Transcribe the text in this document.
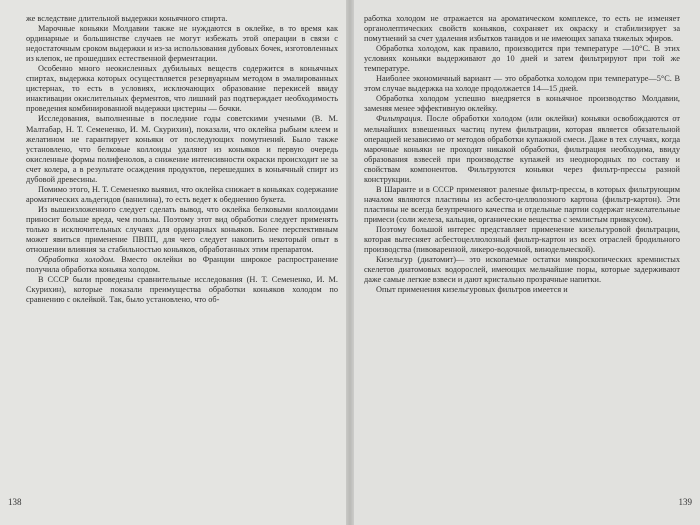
же вследствие длительной выдержки коньячного спирта.

Марочные коньяки Молдавии также не нуждаются в оклейке, в то время как ординарные и большинстве случаев не могут избежать этой операции в связи с недостаточным сроком выдержки и из-за использования дубовых бочек, изготовленных из клепок, не прошедших естественной ферментации.

Особенно много неокисленных дубильных веществ содержится в коньячных спиртах, выдержка которых осуществляется резервуарным методом в эмалированных цистернах, то есть в условиях, исключающих образование перекисей ввиду инактивации окислительных ферментов, что лишний раз подтверждает необходимость проведения комбинированной выдержки цистерны — бочки.

Исследования, выполненные в последние годы советскими учеными (В. М. Малтабар, Н. Т. Семененко, И. М. Скурихин), показали, что оклейка рыбьим клеем и желатином не гарантирует коньяки от последующих помутнений. Было также установлено, что белковые коллоиды удаляют из коньяков и первую очередь окисленные формы полифенолов, а снижение интенсивности окраски происходит не за счет колера, а в результате осаждения продуктов, перешедших в коньячный спирт из дубовой древесины.

Помимо этого, Н. Т. Семененко выявил, что оклейка снижает в коньяках содержание ароматических альдегидов (ванилина), то есть ведет к обеднению букета.

Из вышеизложенного следует сделать вывод, что оклейка белковыми коллоидами приносит больше вреда, чем пользы. Поэтому этот вид обработки следует применять только в исключительных случаях для ординарных коньяков. Более перспективным может явиться применение ПВПП, для чего следует накопить некоторый опыт в отношении влияния за стабильностью коньяков, обработанных этим препаратом.

Обработка холодом. Вместо оклейки во Франции широкое распространение получила обработка коньяка холодом.

В СССР были проведены сравнительные исследования (Н. Т. Семененко, И. М. Скурихин), которые показали преимущества обработки коньяков холодом по сравнению с оклейкой. Так, было установлено, что об-

138

работка холодом не отражается на ароматическом комплексе, то есть не изменяет органолептических свойств коньяков, сохраняет их окраску и стабилизирует за помутнений за счет удаления избытков танидов и не имеющих запаха тяжелых эфиров.

Обработка холодом, как правило, производится при температуре —10°С. В этих условиях коньяки выдерживают до 10 дней и затем фильтрируют при той же температуре.

Наиболее экономичный вариант — это обработка холодом при температуре—5°С. В этом случае выдержка на холоде продолжается 14—15 дней.

Обработка холодом успешно внедряется в коньячное производство Молдавии, заменяя менее эффективную оклейку.

Фильтрация. После обработки холодом (или оклейки) коньяки освобождаются от мельчайших взвешенных частиц путем фильтрации, которая является обязательной операцией независимо от методов обработки купажной смеси. Даже в тех случаях, когда марочные коньяки не проходят никакой обработки, фильтрация необходима, ввиду образования взвесей при производстве купажей из неоднородных по составу и свойствам компонентов. Фильтруются коньяки через фильтр-прессы разной конструкции.

В Шаранте и в СССР применяют раленые фильтр-прессы, в которых фильтрующим началом являются пластины из асбесто-целлюлозного картона (фильтр-картон). Эти пластины не всегда безупречного качества и отдельные партии содержат нежелательные примеси (соли железа, кальция, органические вещества с землистым привкусом).

Поэтому большой интерес представляет применение кизельгуровой фильтрации, которая вытесняет асбестоцеллюлозный фильтр-картон из всех отраслей бродильного производства (пивоваренной, ликеро-водочной, винодельческой).

Кизельгур (диатомит)— это ископаемые остатки микроскопических кремнистых скелетов диатомовых водорослей, имеющих мельчайшие поры, которые задерживают даже самые легкие взвеси и дают кристально прозрачные напитки.

Опыт применения кизельгуровых фильтров имеется и

139
